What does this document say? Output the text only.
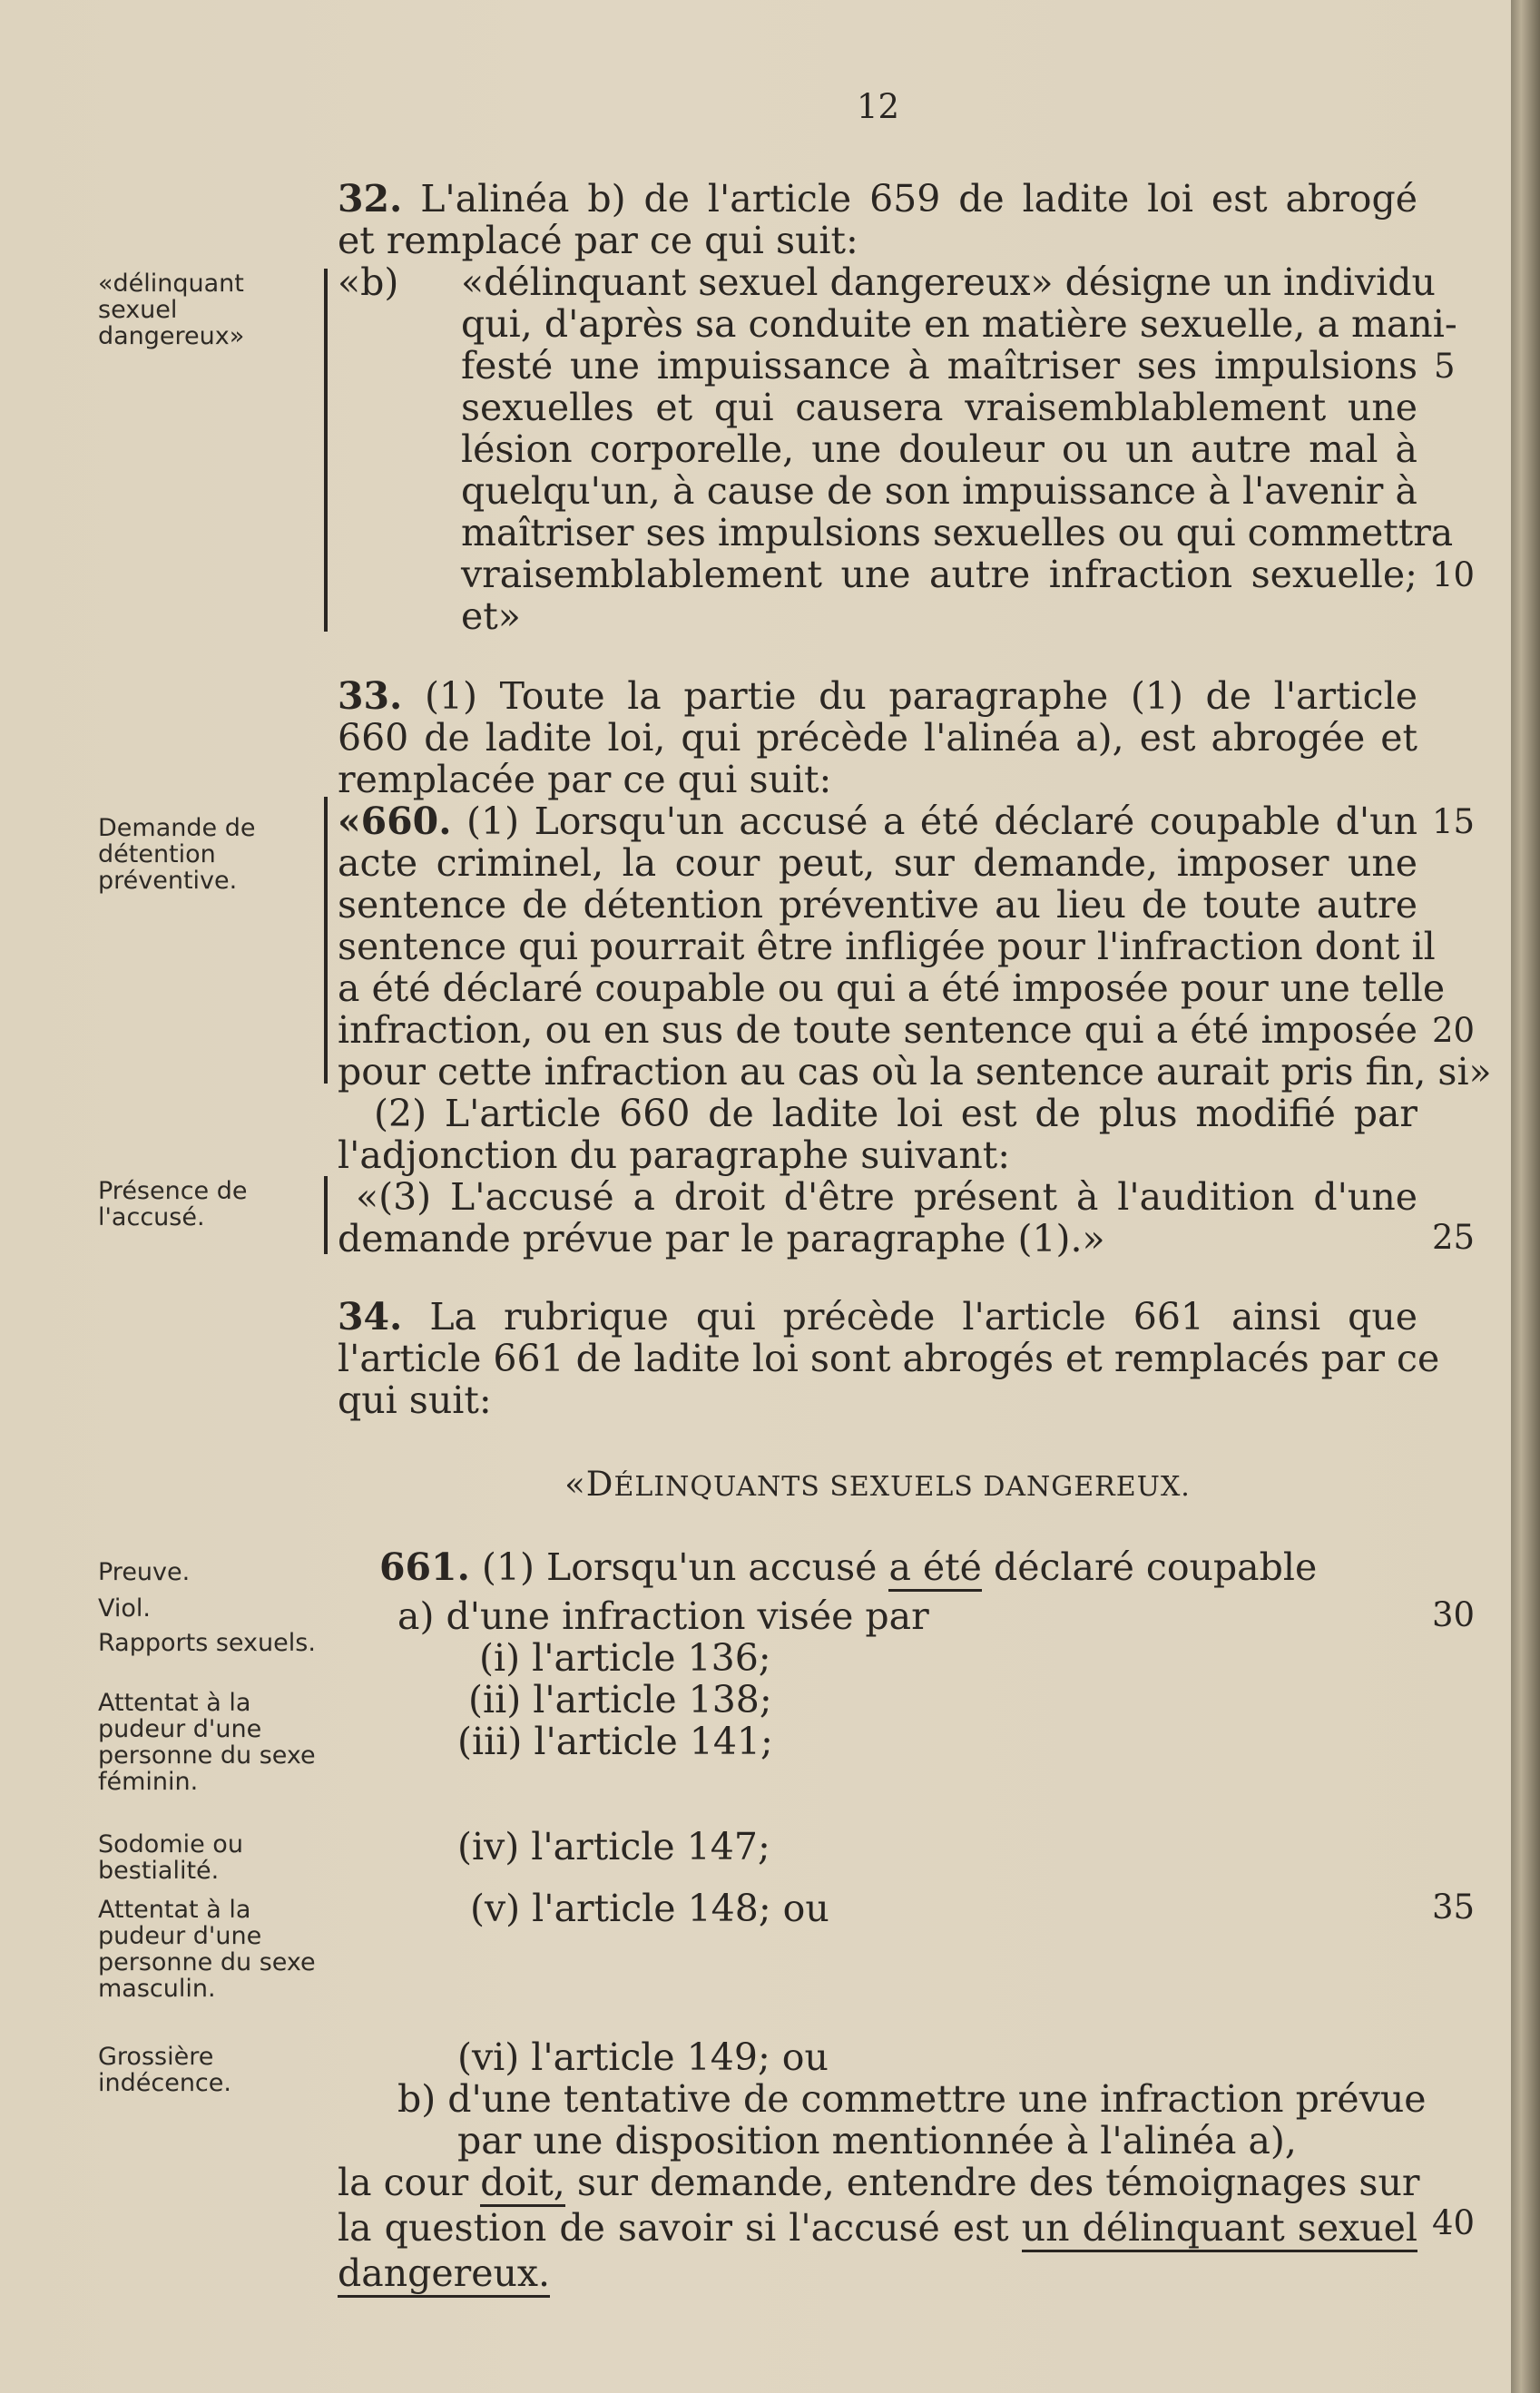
12
«délinquant sexuel dangereux»
Demande de détention préventive.
Présence de l'accusé.
Preuve.
Viol.
Rapports sexuels.
Attentat à la pudeur d'une personne du sexe féminin.
Sodomie ou bestialité.
Attentat à la pudeur d'une personne du sexe masculin.
Grossière indécence.
32. L'alinéa b) de l'article 659 de ladite loi est abrogé
et remplacé par ce qui suit:
«b) «délinquant sexuel dangereux» désigne un individu
qui, d'après sa conduite en matière sexuelle, a mani-
festé une impuissance à maîtriser ses impulsions
sexuelles et qui causera vraisemblablement une
lésion corporelle, une douleur ou un autre mal à
quelqu'un, à cause de son impuissance à l'avenir à
maîtriser ses impulsions sexuelles ou qui commettra
vraisemblablement une autre infraction sexuelle;
et»
33. (1) Toute la partie du paragraphe (1) de l'article
660 de ladite loi, qui précède l'alinéa a), est abrogée et
remplacée par ce qui suit:
«660. (1) Lorsqu'un accusé a été déclaré coupable d'un
acte criminel, la cour peut, sur demande, imposer une
sentence de détention préventive au lieu de toute autre
sentence qui pourrait être infligée pour l'infraction dont il
a été déclaré coupable ou qui a été imposée pour une telle
infraction, ou en sus de toute sentence qui a été imposée
pour cette infraction au cas où la sentence aurait pris fin, si»
(2) L'article 660 de ladite loi est de plus modifié par
l'adjonction du paragraphe suivant:
«(3) L'accusé a droit d'être présent à l'audition d'une
demande prévue par le paragraphe (1).»
34. La rubrique qui précède l'article 661 ainsi que
l'article 661 de ladite loi sont abrogés et remplacés par ce
qui suit:
«DÉLINQUANTS SEXUELS DANGEREUX.
661. (1) Lorsqu'un accusé a été déclaré coupable
a) d'une infraction visée par
(i) l'article 136;
(ii) l'article 138;
(iii) l'article 141;
(iv) l'article 147;
(v) l'article 148; ou
(vi) l'article 149; ou
b) d'une tentative de commettre une infraction prévue
par une disposition mentionnée à l'alinéa a),
la cour doit, sur demande, entendre des témoignages sur
la question de savoir si l'accusé est un délinquant sexuel
dangereux.
5
10
15
20
25
30
35
40
